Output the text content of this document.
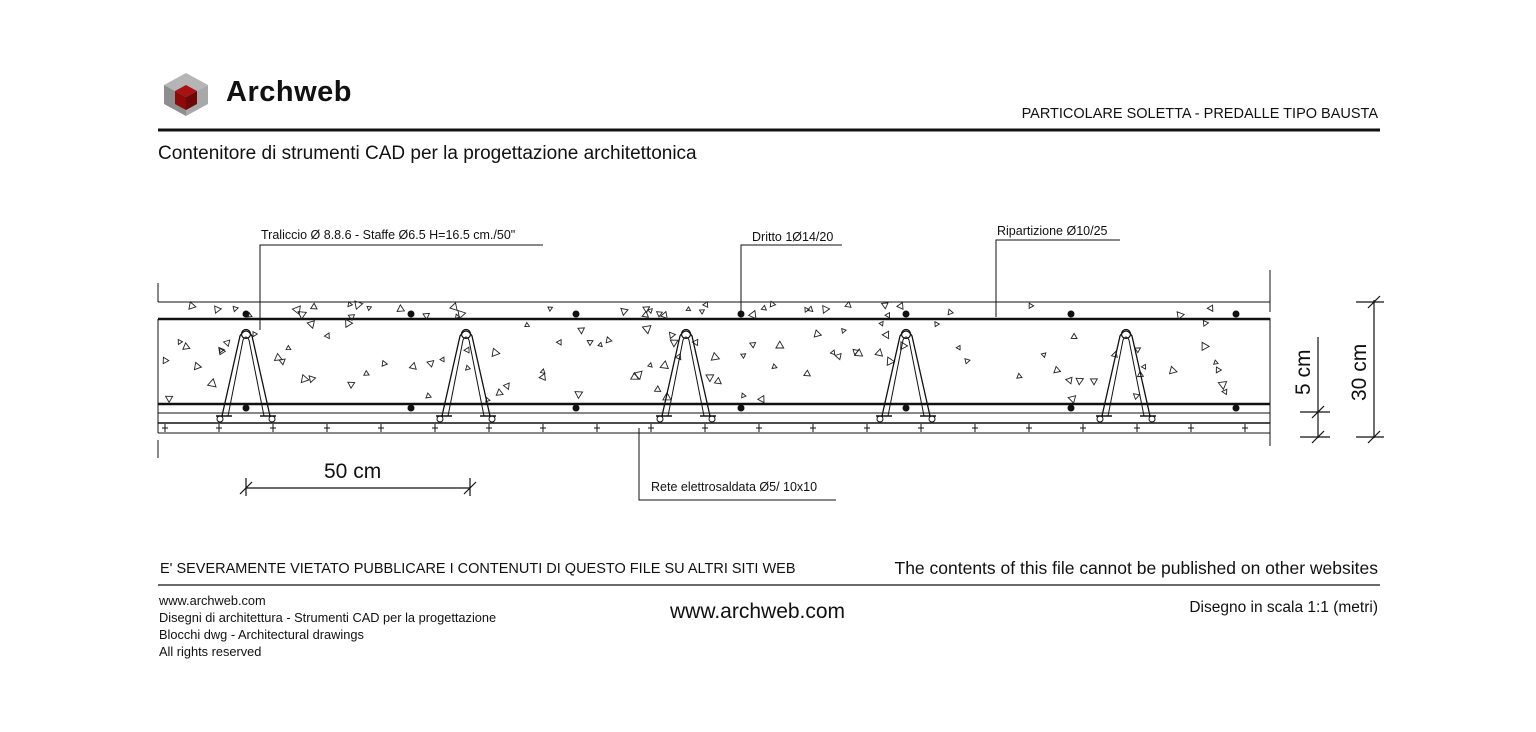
Traliccio Ø 8.8.6 - Staffe Ø6.5 H=16.5 cm./50"	Dritto 1Ø14/20	Ripartizione Ø10/25
Rete elettrosaldata Ø5/ 10x10
50 cm
5 cm 30 cm
Archweb
PARTICOLARE SOLETTA - PREDALLE TIPO BAUSTA
Contenitore di strumenti CAD per la progettazione architettonica
E' SEVERAMENTE VIETATO PUBBLICARE I CONTENUTI DI QUESTO FILE SU ALTRI SITI WEB	The contents of this file cannot be published on other websites
www.archweb.com
Disegni di architettura - Strumenti CAD per la progettazione
Blocchi dwg - Architectural drawings
All rights reserved
www.archweb.com	Disegno in scala 1:1 (metri)
